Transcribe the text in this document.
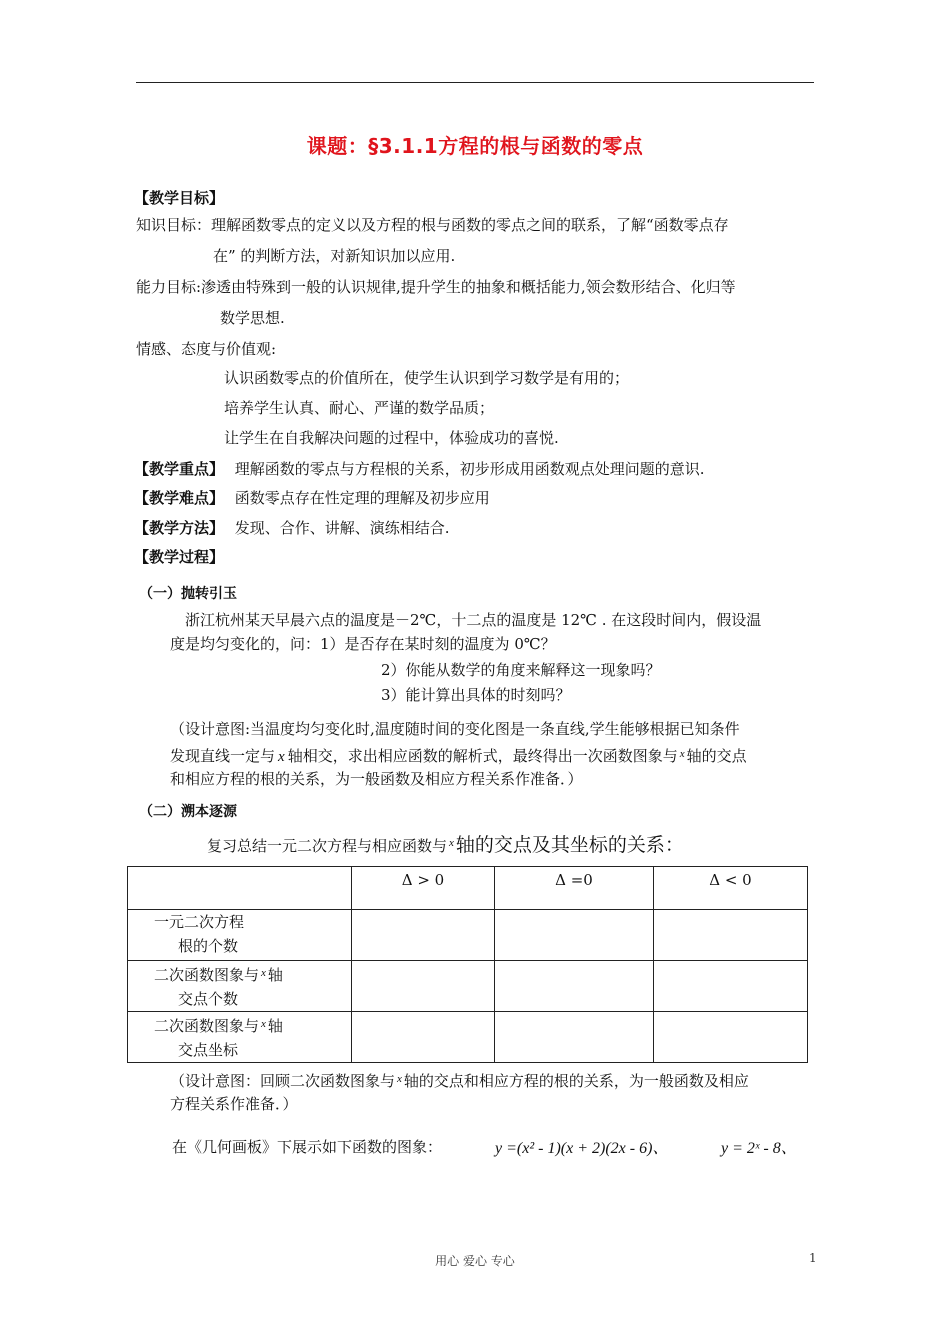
课题：§3.1.1方程的根与函数的零点
【教学目标】
知识目标：理解函数零点的定义以及方程的根与函数的零点之间的联系，了解“函数零点存
在” 的判断方法，对新知识加以应用.
能力目标:渗透由特殊到一般的认识规律,提升学生的抽象和概括能力,领会数形结合、化归等
数学思想.
情感、态度与价值观:
认识函数零点的价值所在，使学生认识到学习数学是有用的；
培养学生认真、耐心、严谨的数学品质；
让学生在自我解决问题的过程中，体验成功的喜悦.
【教学重点】 理解函数的零点与方程根的关系，初步形成用函数观点处理问题的意识.
【教学难点】 函数零点存在性定理的理解及初步应用
【教学方法】 发现、合作、讲解、演练相结合.
【教学过程】
（一）抛转引玉
浙江杭州某天早晨六点的温度是－2℃，十二点的温度是 12℃ . 在这段时间内，假设温
度是均匀变化的，问：1）是否存在某时刻的温度为 0℃？
2）你能从数学的角度来解释这一现象吗？
3）能计算出具体的时刻吗？
（设计意图:当温度均匀变化时,温度随时间的变化图是一条直线,学生能够根据已知条件
发现直线一定与 x 轴相交，求出相应函数的解析式，最终得出一次函数图象与 $^x$ 轴的交点
和相应方程的根的关系，为一般函数及相应方程关系作准备．）
（二）溯本逐源
复习总结一元二次方程与相应函数与 $^x$ 轴的交点及其坐标的关系：
	Δ > 0	Δ =0	Δ < 0
一元二次方程
根的个数			

二次函数图象与 $^x$ 轴
交点个数			

二次函数图象与 $^x$ 轴
交点坐标			

（设计意图：回顾二次函数图象与 $^x$ 轴的交点和相应方程的根的关系，为一般函数及相应
方程关系作准备．）
在《几何画板》下展示如下函数的图象：	y =(x² - 1)(x + 2)(2x - 6)、	y = 2ˣ - 8、
用心 爱心 专心	1
